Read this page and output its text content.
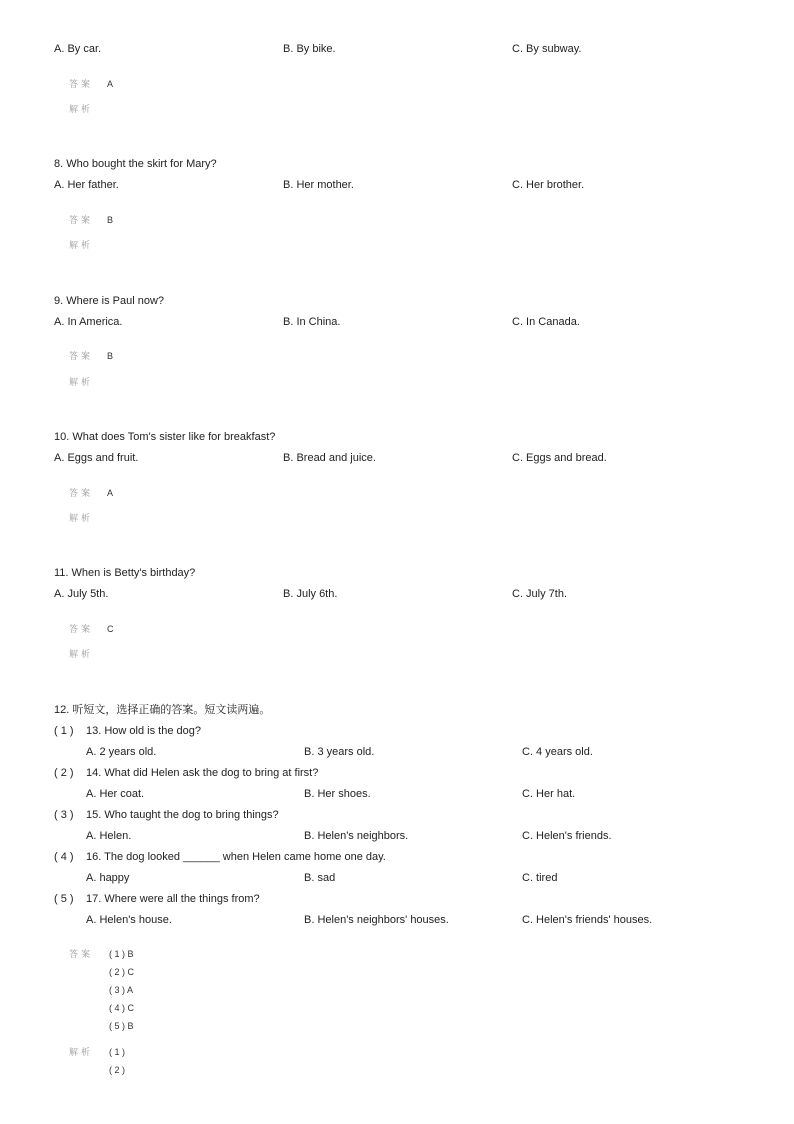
A. By car.	B. By bike.	C. By subway.
答案 A
解析
8. Who bought the skirt for Mary?
A. Her father.	B. Her mother.	C. Her brother.
答案 B
解析
9. Where is Paul now?
A. In America.	B. In China.	C. In Canada.
答案 B
解析
10. What does Tom's sister like for breakfast?
A. Eggs and fruit.	B. Bread and juice.	C. Eggs and bread.
答案 A
解析
11. When is Betty's birthday?
A. July 5th.	B. July 6th.	C. July 7th.
答案 C
解析
12. 听短文，选择正确的答案。短文读两遍。
( 1 ) 13. How old is the dog?
A. 2 years old.	B. 3 years old.	C. 4 years old.
( 2 ) 14. What did Helen ask the dog to bring at first?
A. Her coat.	B. Her shoes.	C. Her hat.
( 3 ) 15. Who taught the dog to bring things?
A. Helen.	B. Helen's neighbors.	C. Helen's friends.
( 4 ) 16. The dog looked ______ when Helen came home one day.
A. happy	B. sad	C. tired
( 5 ) 17. Where were all the things from?
A. Helen's house.	B. Helen's neighbors' houses.	C. Helen's friends' houses.
答案 ( 1 ) B
( 2 ) C
( 3 ) A
( 4 ) C
( 5 ) B
解析 ( 1 )
( 2 )
